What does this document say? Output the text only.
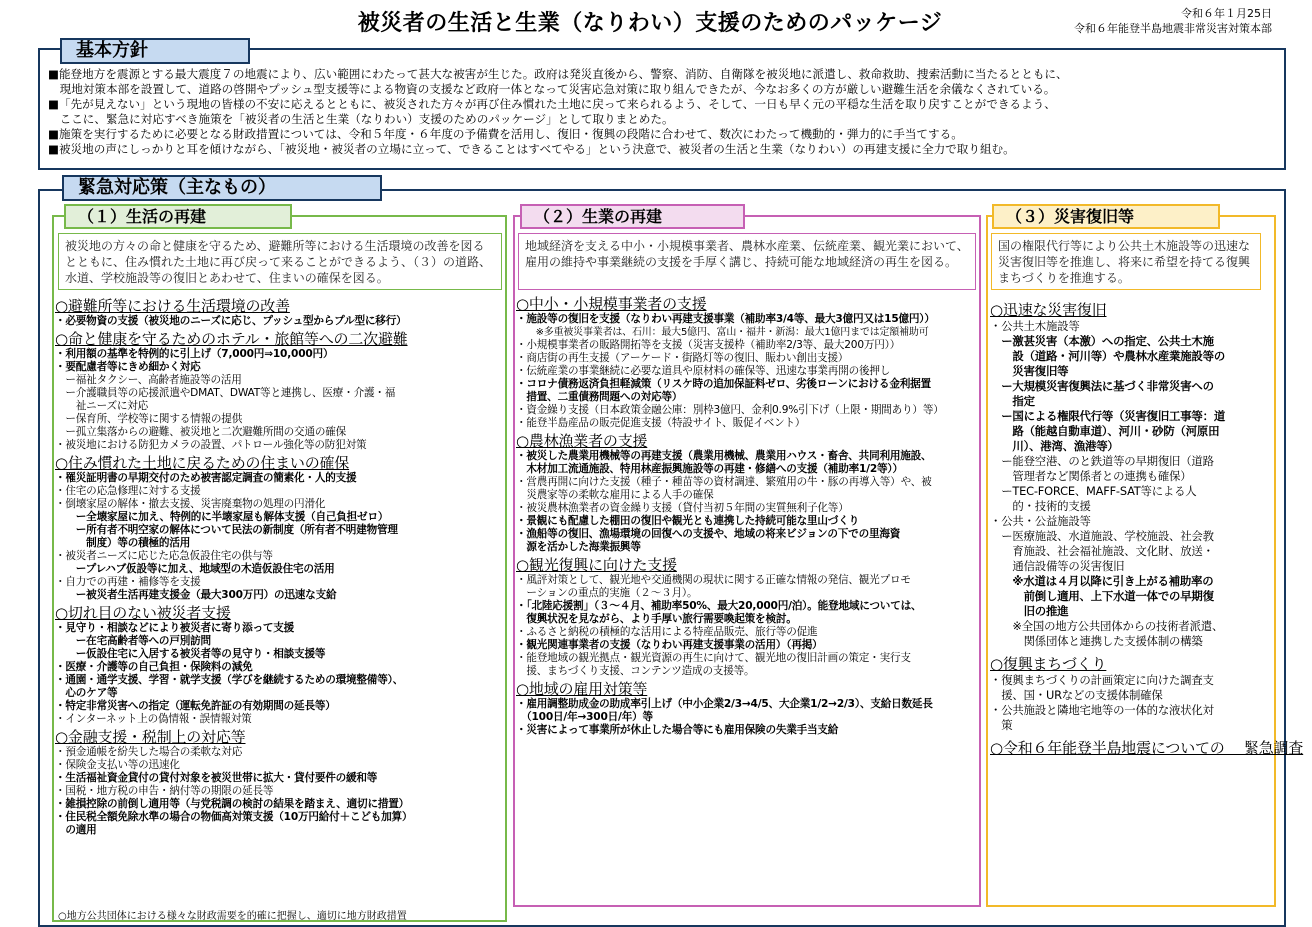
被災者の生活と生業（なりわい）支援のためのパッケージ	令和６年１月25日
令和６年能登半島地震非常災害対策本部
基本方針

■能登地方を震源とする最大震度７の地震により、広い範囲にわたって甚大な被害が生じた。政府は発災直後から、警察、消防、自衛隊を被災地に派遣し、救命救助、捜索活動に当たるとともに、

　現地対策本部を設置して、道路の啓開やプッシュ型支援等による物資の支援など政府一体となって災害応急対策に取り組んできたが、今なお多くの方が厳しい避難生活を余儀なくされている。

■「先が見えない」という現地の皆様の不安に応えるとともに、被災された方々が再び住み慣れた土地に戻って来られるよう、そして、一日も早く元の平穏な生活を取り戻すことができるよう、

　ここに、緊急に対応すべき施策を「被災者の生活と生業（なりわい）支援のためのパッケージ」として取りまとめた。

■施策を実行するために必要となる財政措置については、令和５年度・６年度の予備費を活用し、復旧・復興の段階に合わせて、数次にわたって機動的・弾力的に手当てする。

■被災地の声にしっかりと耳を傾けながら、「被災地・被災者の立場に立って、できることはすべてやる」という決意で、被災者の生活と生業（なりわい）の再建支援に全力で取り組む。

緊急対応策（主なもの）
（１）生活の再建	（２）生業の再建	（３）災害復旧等
被災地の方々の命と健康を守るため、避難所等における生活環境の改善を図るとともに、住み慣れた土地に再び戻って来ることができるよう、（３）の道路、水道、学校施設等の復旧とあわせて、住まいの確保を図る。
地域経済を支える中小・小規模事業者、農林水産業、伝統産業、観光業において、雇用の維持や事業継続の支援を手厚く講じ、持続可能な地域経済の再生を図る。
国の権限代行等により公共土木施設等の迅速な災害復旧等を推進し、将来に希望を持てる復興まちづくりを推進する。
○避難所等における生活環境の改善
・必要物資の支援（被災地のニーズに応じ、プッシュ型からプル型に移行）
○命と健康を守るためのホテル・旅館等への二次避難
・利用額の基準を特例的に引上げ（7,000円⇒10,000円）
・要配慮者等にきめ細かく対応
　ー福祉タクシー、高齢者施設等の活用
　ー介護職員等の応援派遣やDMAT、DWAT等と連携し、医療・介護・福
　　祉ニーズに対応
　ー保育所、学校等に関する情報の提供
　ー孤立集落からの避難、被災地と二次避難所間の交通の確保
・被災地における防犯カメラの設置、パトロール強化等の防犯対策
○住み慣れた土地に戻るための住まいの確保
・罹災証明書の早期交付のため被害認定調査の簡素化・人的支援
・住宅の応急修理に対する支援
・倒壊家屋の解体・撤去支援、災害廃棄物の処理の円滑化
　　ー全壊家屋に加え、特例的に半壊家屋も解体支援（自己負担ゼロ）
　　ー所有者不明空家の解体について民法の新制度（所有者不明建物管理
　　　制度）等の積極的活用
・被災者ニーズに応じた応急仮設住宅の供与等
　　ープレハブ仮設等に加え、地域型の木造仮設住宅の活用
・自力での再建・補修等を支援
　　ー被災者生活再建支援金（最大300万円）の迅速な支給
○切れ目のない被災者支援
・見守り・相談などにより被災者に寄り添って支援
　　ー在宅高齢者等への戸別訪問
　　ー仮設住宅に入居する被災者等の見守り・相談支援等
・医療・介護等の自己負担・保険料の減免
・通園・通学支援、学習・就学支援（学びを継続するための環境整備等）、
　心のケア等
・特定非常災害への指定（運転免許証の有効期間の延長等）
・インターネット上の偽情報・誤情報対策
○金融支援・税制上の対応等
・預金通帳を紛失した場合の柔軟な対応
・保険金支払い等の迅速化
・生活福祉資金貸付の貸付対象を被災世帯に拡大・貸付要件の緩和等
・国税・地方税の申告・納付等の期限の延長等
・雑損控除の前倒し適用等（与党税調の検討の結果を踏まえ、適切に措置）
・住民税全額免除水準の場合の物価高対策支援（10万円給付＋こども加算）
　の適用
○中小・小規模事業者の支援
・施設等の復旧を支援（なりわい再建支援事業（補助率3/4等、最大3億円又は15億円））
　　※多重被災事業者は、石川：最大5億円、富山・福井・新潟：最大1億円までは定額補助可
・小規模事業者の販路開拓等を支援（災害支援枠（補助率2/3等、最大200万円））
・商店街の再生支援（アーケード・街路灯等の復旧、賑わい創出支援）
・伝統産業の事業継続に必要な道具や原材料の確保等、迅速な事業再開の後押し
・コロナ債務返済負担軽減策（リスケ時の追加保証料ゼロ、劣後ローンにおける金利据置
　措置、二重債務問題への対応等）
・資金繰り支援（日本政策金融公庫：別枠3億円、金利0.9%引下げ（上限・期間あり）等）
・能登半島産品の販売促進支援（特設サイト、販促イベント）
○農林漁業者の支援
・被災した農業用機械等の再建支援（農業用機械、農業用ハウス・畜舎、共同利用施設、
　木材加工流通施設、特用林産振興施設等の再建・修繕への支援（補助率1/2等））
・営農再開に向けた支援（種子・種苗等の資材調達、繁殖用の牛・豚の再導入等）や、被
　災農家等の柔軟な雇用による人手の確保
・被災農林漁業者の資金繰り支援（貸付当初５年間の実質無利子化等）
・景観にも配慮した棚田の復旧や観光とも連携した持続可能な里山づくり
・漁船等の復旧、漁場環境の回復への支援や、地域の将来ビジョンの下での里海資
　源を活かした海業振興等
○観光復興に向けた支援
・風評対策として、観光地や交通機関の現状に関する正確な情報の発信、観光プロモ
　ーションの重点的実施（２～３月）。
・「北陸応援割」（３～４月、補助率50%、最大20,000円/泊）。能登地域については、
　復興状況を見ながら、より手厚い旅行需要喚起策を検討。
・ふるさと納税の積極的な活用による特産品販売、旅行等の促進
・観光関連事業者の支援（なりわい再建支援事業の活用）（再掲）
・能登地域の観光拠点・観光資源の再生に向けて、観光地の復旧計画の策定・実行支
　援、まちづくり支援、コンテンツ造成の支援等。
○地域の雇用対策等
・雇用調整助成金の助成率引上げ（中小企業2/3→4/5、大企業1/2→2/3）、支給日数延長
　（100日/年→300日/年）等
・災害によって事業所が休止した場合等にも雇用保険の失業手当支給
○迅速な災害復旧
・公共土木施設等
　ー激甚災害（本激）への指定、公共土木施
　　設（道路・河川等）や農林水産業施設等の
　　災害復旧等
　ー大規模災害復興法に基づく非常災害への
　　指定
　ー国による権限代行等（災害復旧工事等：道
　　路（能越自動車道）、河川・砂防（河原田
　　川）、港湾、漁港等）
　ー能登空港、のと鉄道等の早期復旧（道路
　　管理者など関係者との連携も確保）
　ーTEC-FORCE、MAFF-SAT等による人
　　的・技術的支援
・公共・公益施設等
　ー医療施設、水道施設、学校施設、社会教
　　育施設、社会福祉施設、文化財、放送・
　　通信設備等の災害復旧
　　※水道は４月以降に引き上がる補助率の
　　　前倒し適用、上下水道一体での早期復
　　　旧の推進
　　※全国の地方公共団体からの技術者派遣、
　　　関係団体と連携した支援体制の構築
○復興まちづくり
・復興まちづくりの計画策定に向けた調査支
　援、国・URなどの支援体制確保
・公共施設と隣地宅地等の一体的な液状化対
　策
○令和６年能登半島地震についての 　緊急調査
○地方公共団体における様々な財政需要を的確に把握し、適切に地方財政措置
